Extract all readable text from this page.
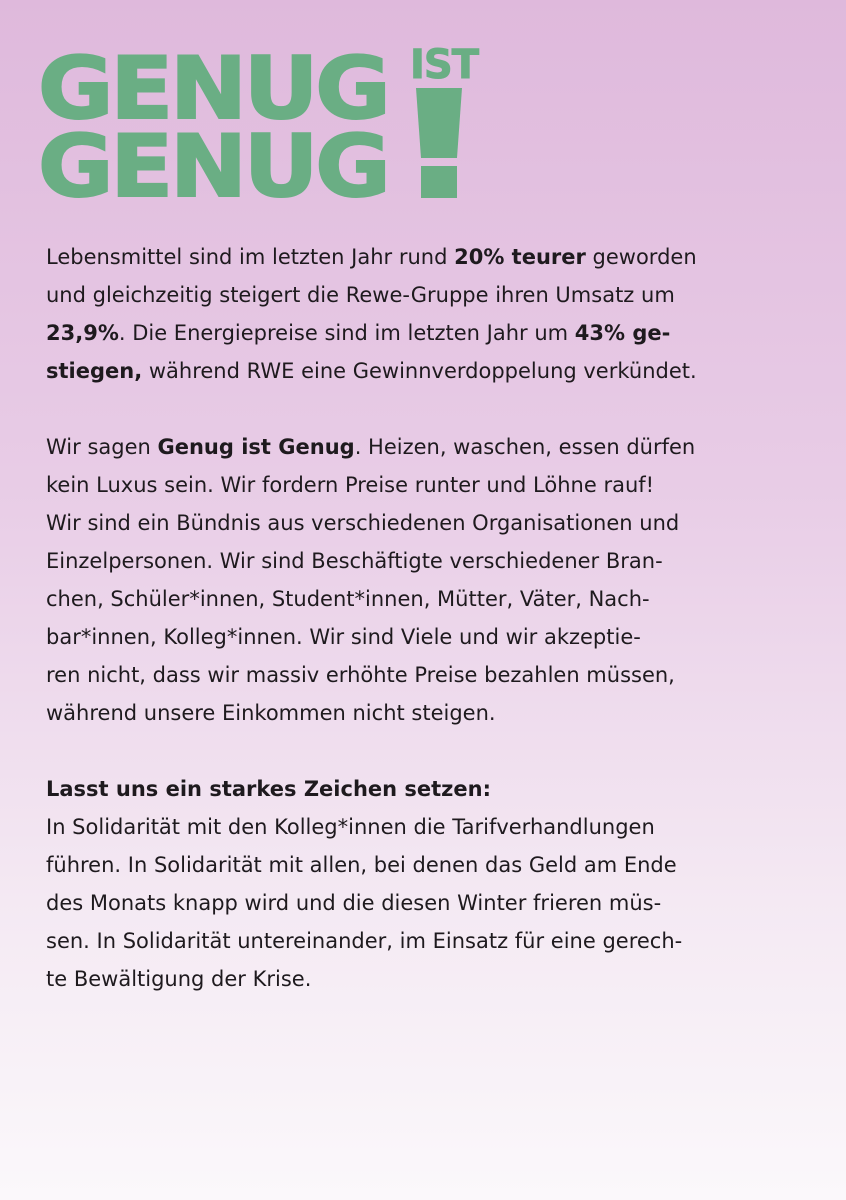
GENUG IST
GENUG

Lebensmittel sind im letzten Jahr rund 20% teurer geworden
und gleichzeitig steigert die Rewe-Gruppe ihren Umsatz um
23,9%. Die Energiepreise sind im letzten Jahr um 43% ge-
stiegen, während RWE eine Gewinnverdoppelung verkündet.

Wir sagen Genug ist Genug. Heizen, waschen, essen dürfen
kein Luxus sein. Wir fordern Preise runter und Löhne rauf!
Wir sind ein Bündnis aus verschiedenen Organisationen und
Einzelpersonen. Wir sind Beschäftigte verschiedener Bran-
chen, Schüler*innen, Student*innen, Mütter, Väter, Nach-
bar*innen, Kolleg*innen. Wir sind Viele und wir akzeptie-
ren nicht, dass wir massiv erhöhte Preise bezahlen müssen,
während unsere Einkommen nicht steigen.

Lasst uns ein starkes Zeichen setzen:
In Solidarität mit den Kolleg*innen die Tarifverhandlungen
führen. In Solidarität mit allen, bei denen das Geld am Ende
des Monats knapp wird und die diesen Winter frieren müs-
sen. In Solidarität untereinander, im Einsatz für eine gerech-
te Bewältigung der Krise.
